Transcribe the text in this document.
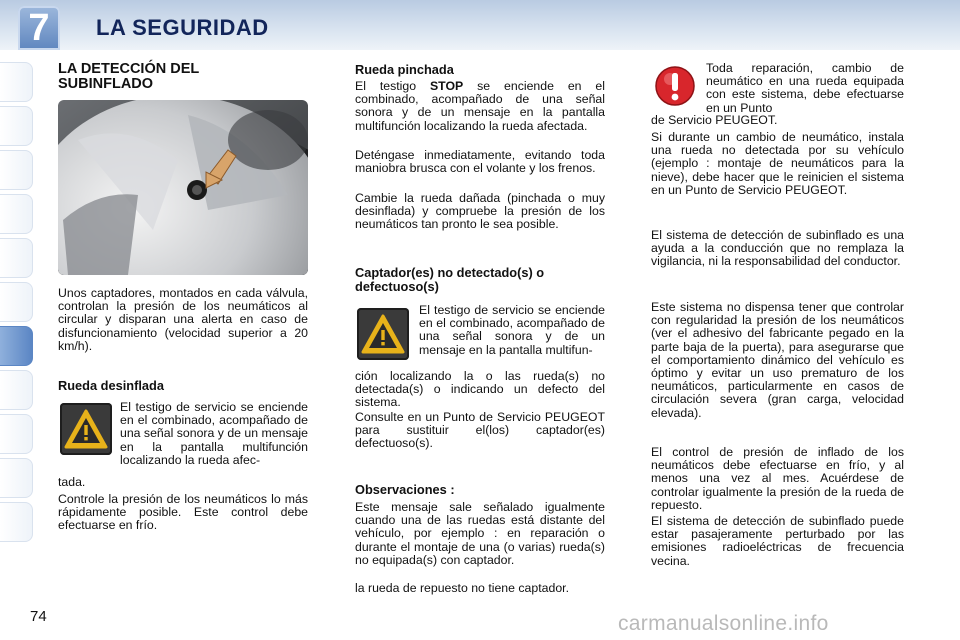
7	LA SEGURIDAD
LA DETECCIÓN DEL
SUBINFLADO
Unos captadores, montados en cada válvula, controlan la presión de los neumáticos al circular y disparan una alerta en caso de disfuncionamiento (velocidad superior a 20 km/h).
Rueda desinflada
El testigo de servicio se enciende en el combinado, acompañado de una señal sonora y de un mensaje en la pantalla multifunción localizando la rueda afec-
tada.
Controle la presión de los neumáticos lo más rápidamente posible. Este control debe efectuarse en frío.
Rueda pinchada
El testigo STOP se enciende en el combinado, acompañado de una señal sonora y de un mensaje en la pantalla multifunción localizando la rueda afectada.
Deténgase inmediatamente, evitando toda maniobra brusca con el volante y los frenos.
Cambie la rueda dañada (pinchada o muy desinflada) y compruebe la presión de los neumáticos tan pronto le sea posible.
Captador(es) no detectado(s) o defectuoso(s)
El testigo de servicio se enciende en el combinado, acompañado de una señal sonora y de un mensaje en la pantalla multifun-
ción localizando la o las rueda(s) no detectada(s) o indicando un defecto del sistema.
Consulte en un Punto de Servicio PEUGEOT para sustituir el(los) captador(es) defectuoso(s).
Observaciones :
Este mensaje sale señalado igualmente cuando una de las ruedas está distante del vehículo, por ejemplo : en reparación o durante el montaje de una (o varias) rueda(s) no equipada(s) con captador.
la rueda de repuesto no tiene captador.
Toda reparación, cambio de neumático en una rueda equipada con este sistema, debe efectuarse en un Punto
de Servicio PEUGEOT.
Si durante un cambio de neumático, instala una rueda no detectada por su vehículo (ejemplo : montaje de neumáticos para la nieve), debe hacer que le reinicien el sistema en un Punto de Servicio PEUGEOT.
El sistema de detección de subinflado es una ayuda a la conducción que no remplaza la vigilancia, ni la responsabilidad del conductor.
Este sistema no dispensa tener que controlar con regularidad la presión de los neumáticos (ver el adhesivo del fabricante pegado en la parte baja de la puerta), para asegurarse que el comportamiento dinámico del vehículo es óptimo y evitar un uso prematuro de los neumáticos, particularmente en casos de circulación severa (gran carga, velocidad elevada).
El control de presión de inflado de los neumáticos debe efectuarse en frío, y al menos una vez al mes. Acuérdese de controlar igualmente la presión de la rueda de repuesto.
El sistema de detección de subinflado puede estar pasajeramente perturbado por las emisiones radioeléctricas de frecuencia vecina.
74	carmanualsonline.info
